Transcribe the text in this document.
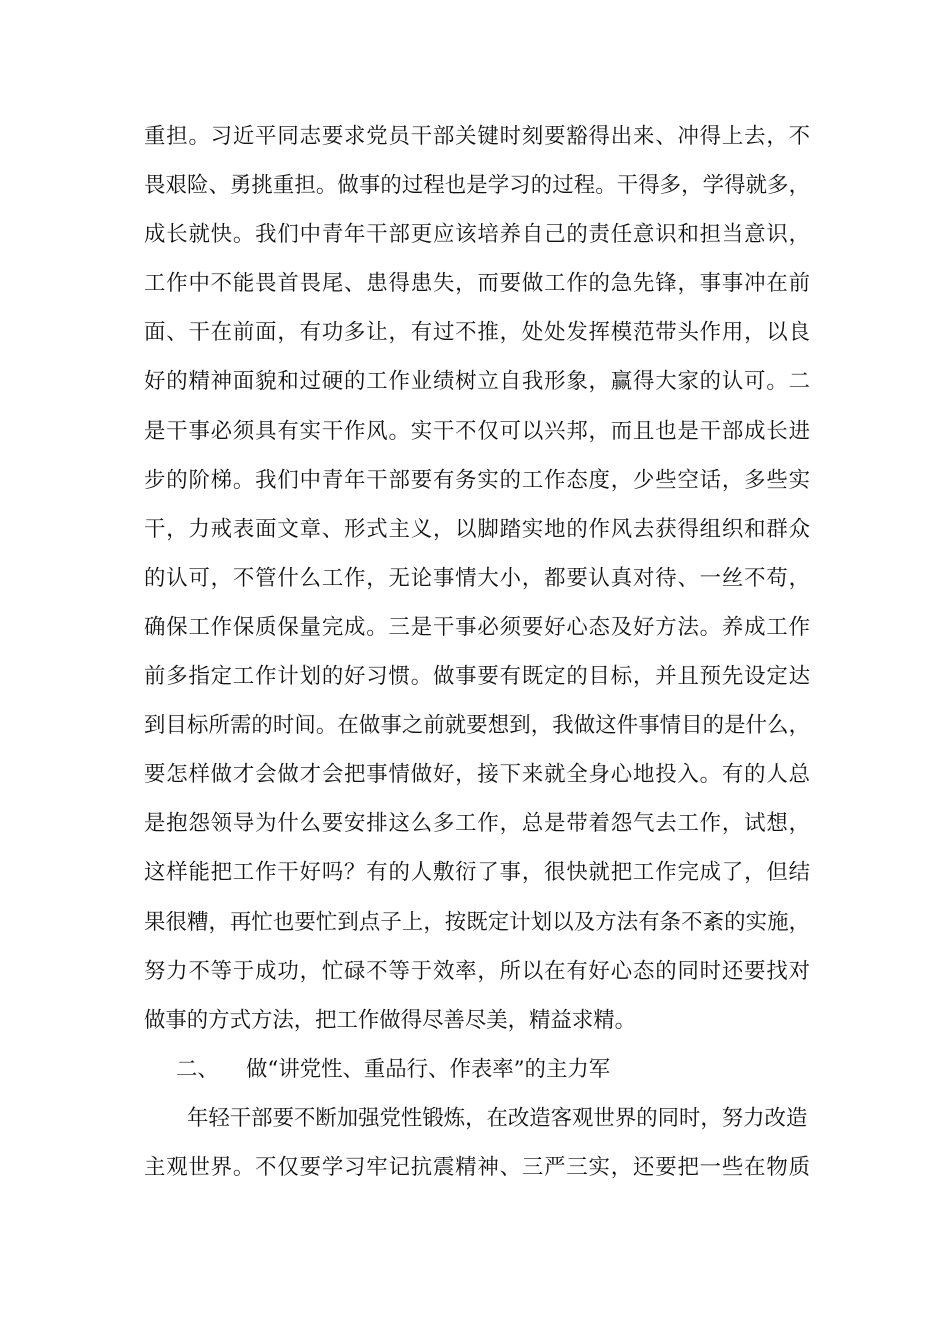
重担。习近平同志要求党员干部关键时刻要豁得出来、冲得上去，不
畏艰险、勇挑重担。做事的过程也是学习的过程。干得多，学得就多，
成长就快。我们中青年干部更应该培养自己的责任意识和担当意识，
工作中不能畏首畏尾、患得患失，而要做工作的急先锋，事事冲在前
面、干在前面，有功多让，有过不推，处处发挥模范带头作用，以良
好的精神面貌和过硬的工作业绩树立自我形象，赢得大家的认可。二
是干事必须具有实干作风。实干不仅可以兴邦，而且也是干部成长进
步的阶梯。我们中青年干部要有务实的工作态度，少些空话，多些实
干，力戒表面文章、形式主义，以脚踏实地的作风去获得组织和群众
的认可，不管什么工作，无论事情大小，都要认真对待、一丝不苟，
确保工作保质保量完成。三是干事必须要好心态及好方法。养成工作
前多指定工作计划的好习惯。做事要有既定的目标，并且预先设定达
到目标所需的时间。在做事之前就要想到，我做这件事情目的是什么，
要怎样做才会做才会把事情做好，接下来就全身心地投入。有的人总
是抱怨领导为什么要安排这么多工作，总是带着怨气去工作，试想，
这样能把工作干好吗？有的人敷衍了事，很快就把工作完成了，但结
果很糟，再忙也要忙到点子上，按既定计划以及方法有条不紊的实施，
努力不等于成功，忙碌不等于效率，所以在有好心态的同时还要找对
做事的方式方法，把工作做得尽善尽美，精益求精。
二、	做“讲党性、重品行、作表率”的主力军
年轻干部要不断加强党性锻炼，在改造客观世界的同时，努力改造
主观世界。不仅要学习牢记抗震精神、三严三实，还要把一些在物质
